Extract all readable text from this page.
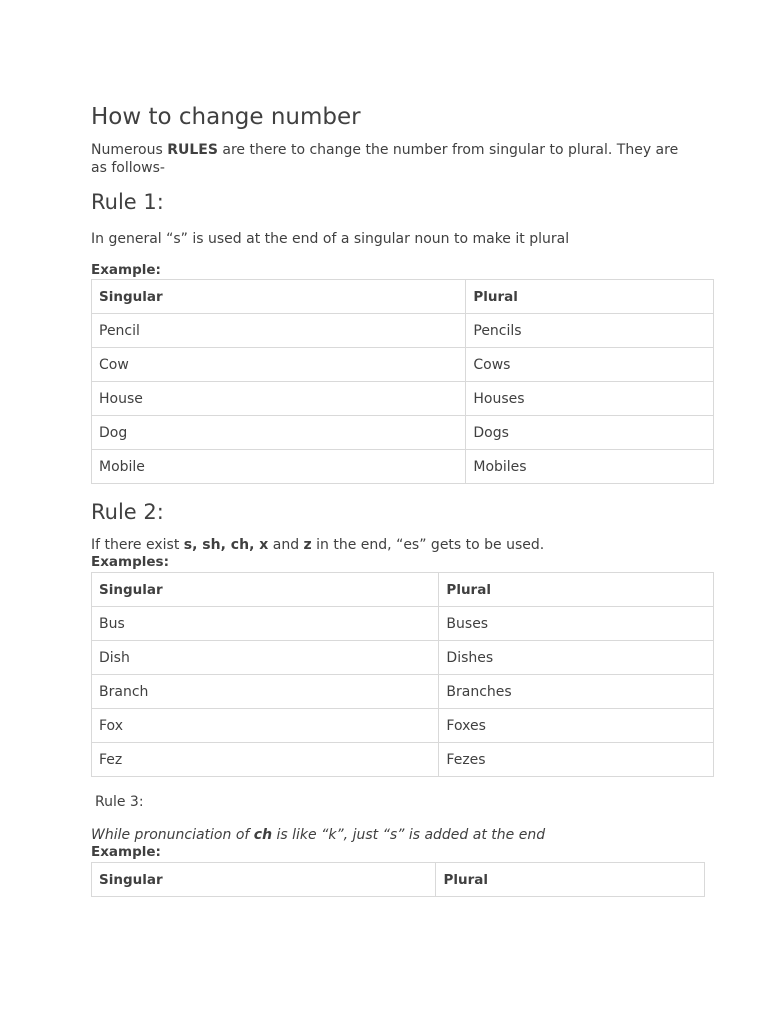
How to change number

Numerous RULES are there to change the number from singular to plural. They are as follows-

Rule 1:

In general “s” is used at the end of a singular noun to make it plural

Example:

Singular	Plural
Pencil	Pencils
Cow	Cows
House	Houses
Dog	Dogs
Mobile	Mobiles
Rule 2:

If there exist s, sh, ch, x and z in the end, “es” gets to be used.

Examples:

Singular	Plural
Bus	Buses
Dish	Dishes
Branch	Branches
Fox	Foxes
Fez	Fezes

Rule 3:

While pronunciation of ch is like “k”, just “s” is added at the end

Example:

Singular	Plural
